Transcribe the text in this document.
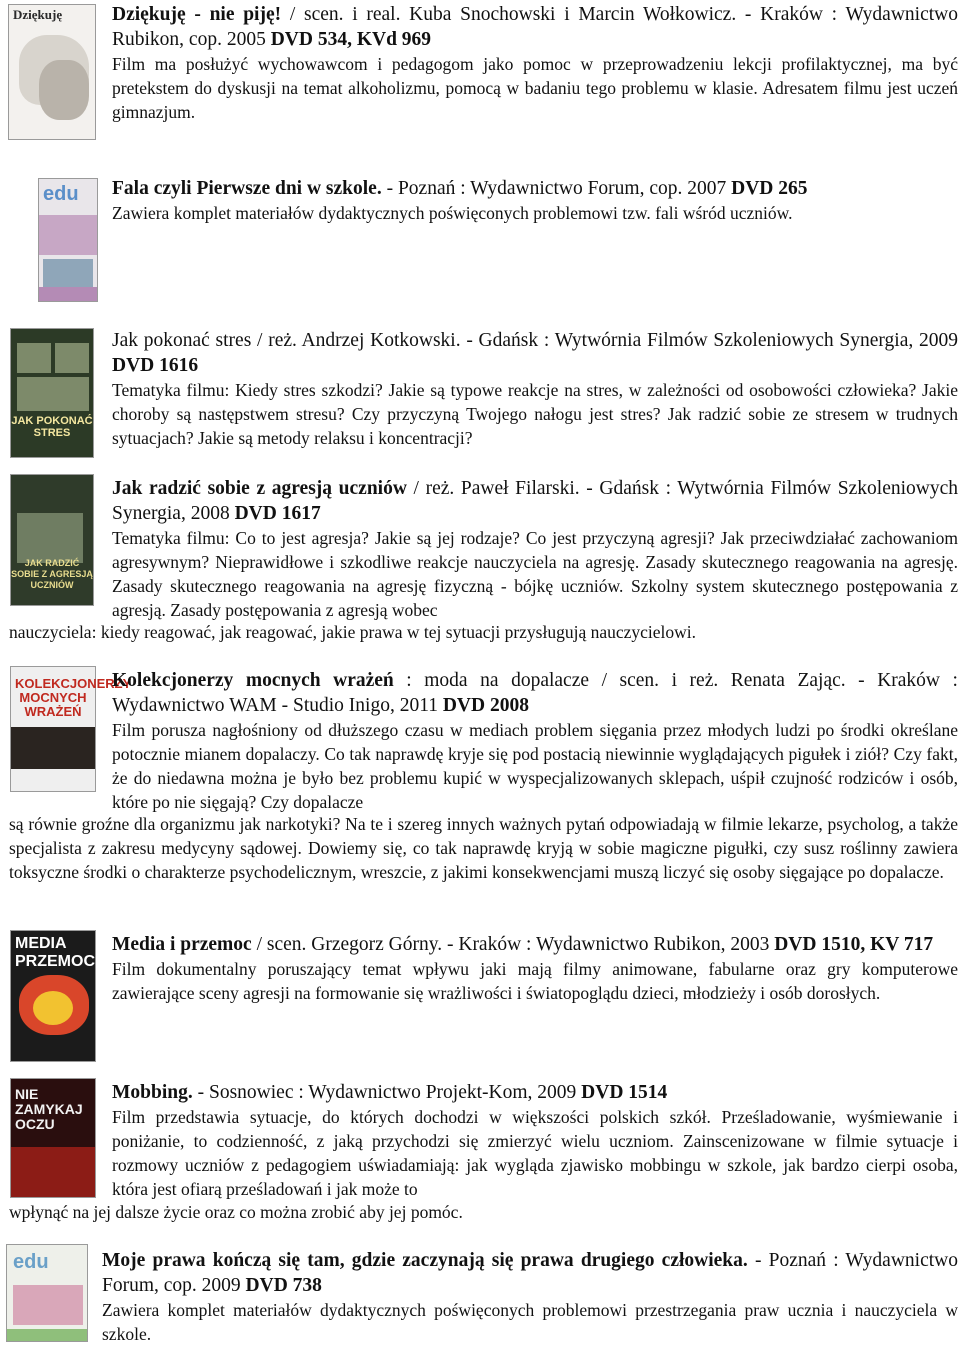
Dziękuję	Dziękuję - nie piję! / scen. i real. Kuba Snochowski i Marcin Wołkowicz. - Kraków : Wydawnictwo Rubikon, cop. 2005 DVD 534, KVd 969
Film ma posłużyć wychowawcom i pedagogom jako pomoc w przeprowadzeniu lekcji profilaktycznej, ma być pretekstem do dyskusji na temat alkoholizmu, pomocą w badaniu tego problemu w klasie. Adresatem filmu jest uczeń gimnazjum.
edu Fala czyli Pierwsze dni w szkole. - Poznań : Wydawnictwo Forum, cop. 2007 DVD 265
Zawiera komplet materiałów dydaktycznych poświęconych problemowi tzw. fali wśród uczniów.
JAK POKONAĆ STRES
Jak pokonać stres / reż. Andrzej Kotkowski. - Gdańsk : Wytwórnia Filmów Szkoleniowych Synergia, 2009 DVD 1616
Tematyka filmu: Kiedy stres szkodzi? Jakie są typowe reakcje na stres, w zależności od osobowości człowieka? Jakie choroby są następstwem stresu? Czy przyczyną Twojego nałogu jest stres? Jak radzić sobie ze stresem w trudnych sytuacjach? Jakie są metody relaksu i koncentracji?
JAK RADZIĆ SOBIE Z AGRESJĄ UCZNIÓW
Jak radzić sobie z agresją uczniów / reż. Paweł Filarski. - Gdańsk : Wytwórnia Filmów Szkoleniowych Synergia, 2008 DVD 1617
Tematyka filmu: Co to jest agresja? Jakie są jej rodzaje? Co jest przyczyną agresji? Jak przeciwdziałać zachowaniom agresywnym? Nieprawidłowe i szkodliwe reakcje nauczyciela na agresję. Zasady skutecznego reagowania na agresję. Zasady skutecznego reagowania na agresję fizyczną - bójkę uczniów. Szkolny system skutecznego postępowania z agresją. Zasady postępowania z agresją wobec
nauczyciela: kiedy reagować, jak reagować, jakie prawa w tej sytuacji przysługują nauczycielowi.
KOLEKCJONERZY MOCNYCH WRAŻEŃ
Kolekcjonerzy mocnych wrażeń : moda na dopalacze / scen. i reż. Renata Zając. - Kraków : Wydawnictwo WAM - Studio Inigo, 2011 DVD 2008
Film porusza nagłośniony od dłuższego czasu w mediach problem sięgania przez młodych ludzi po środki określane potocznie mianem dopalaczy. Co tak naprawdę kryje się pod postacią niewinnie wyglądających pigułek i ziół? Czy fakt, że do niedawna można je było bez problemu kupić w wyspecjalizowanych sklepach, uśpił czujność rodziców i osób, które po nie sięgają? Czy dopalacze
są równie groźne dla organizmu jak narkotyki? Na te i szereg innych ważnych pytań odpowiadają w filmie lekarze, psycholog, a także specjalista z zakresu medycyny sądowej. Dowiemy się, co tak naprawdę kryją w sobie magiczne pigułki, czy susz roślinny zawiera toksyczne środki o charakterze psychodelicznym, wreszcie, z jakimi konsekwencjami muszą liczyć się osoby sięgające po dopalacze.
MEDIA PRZEMOC
Media i przemoc / scen. Grzegorz Górny. - Kraków : Wydawnictwo Rubikon, 2003 DVD 1510, KV 717
Film dokumentalny poruszający temat wpływu jaki mają filmy animowane, fabularne oraz gry komputerowe zawierające sceny agresji na formowanie się wrażliwości i światopoglądu dzieci, młodzieży i osób dorosłych.
NIE ZAMYKAJ OCZU
Mobbing. - Sosnowiec : Wydawnictwo Projekt-Kom, 2009 DVD 1514
Film przedstawia sytuacje, do których dochodzi w większości polskich szkół. Prześladowanie, wyśmiewanie i poniżanie, to codzienność, z jaką przychodzi się zmierzyć wielu uczniom. Zainscenizowane w filmie sytuacje i rozmowy uczniów z pedagogiem uświadamiają: jak wygląda zjawisko mobbingu w szkole, jak bardzo cierpi osoba, która jest ofiarą prześladowań i jak może to
wpłynąć na jej dalsze życie oraz co można zrobić aby jej pomóc.
edu	Moje prawa kończą się tam, gdzie zaczynają się prawa drugiego człowieka. - Poznań : Wydawnictwo Forum, cop. 2009 DVD 738
Zawiera komplet materiałów dydaktycznych poświęconych problemowi przestrzegania praw ucznia i nauczyciela w szkole.
